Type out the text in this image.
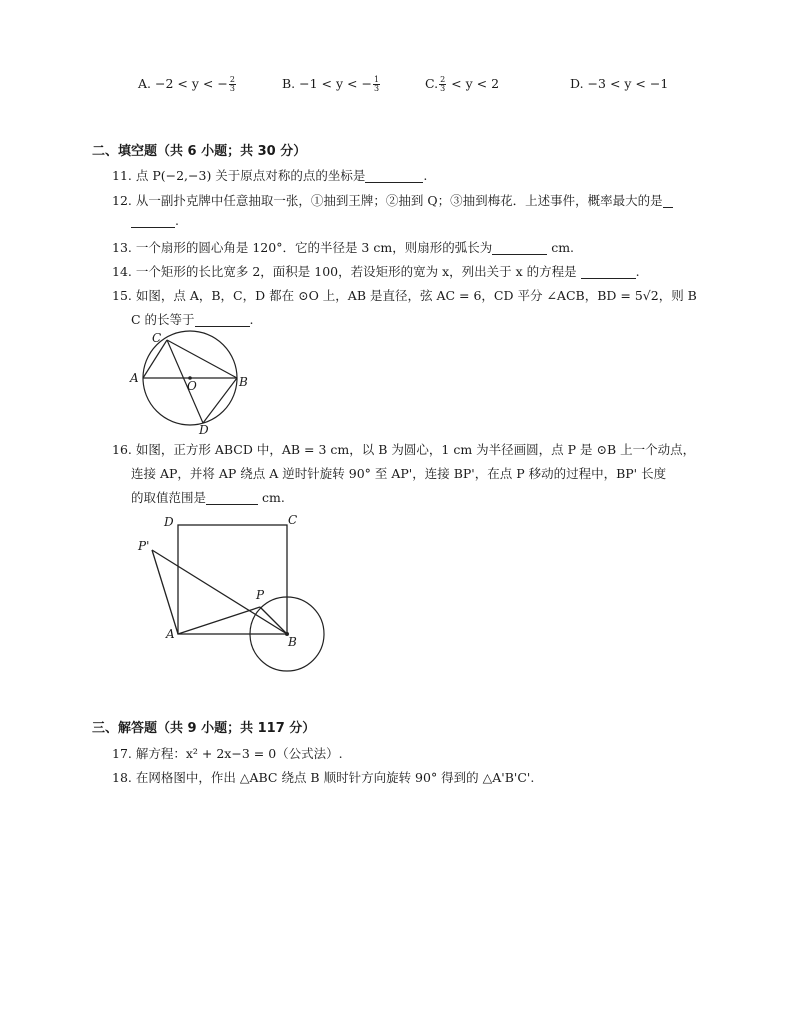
A. −2 < y < − $\frac{2}{3}$	B. −1 < y < − $\frac{1}{3}$	C. $\frac{2}{3} < y < 2$	D. −3 < y < −1
二、填空题（共 6 小题；共 30 分）
11. 点 P(−2,−3) 关于原点对称的点的坐标是	.
12. 从一副扑克牌中任意抽取一张，①抽到王牌；②抽到 Q；③抽到梅花．上述事件，概率最大的是
.
13. 一个扇形的圆心角是 120°．它的半径是 3 cm，则扇形的弧长为	cm.
14. 一个矩形的长比宽多 2，面积是 100，若设矩形的宽为 x，列出关于 x 的方程是	.
15. 如图，点 A，B，C，D 都在 ⊙O 上，AB 是直径，弦 AC = 6，CD 平分 ∠ACB，BD = 5√2，则 B
C 的长等于	.
C
A	B
O
D
16. 如图，正方形 ABCD 中，AB = 3 cm，以 B 为圆心，1 cm 为半径画圆，点 P 是 ⊙B 上一个动点，
连接 AP，并将 AP 绕点 A 逆时针旋转 90° 至 AP'，连接 BP'，在点 P 移动的过程中，BP' 长度
的取值范围是	cm.
D	C
P'
P
A
B
三、解答题（共 9 小题；共 117 分）
17. 解方程：x² + 2x−3 = 0（公式法）.
18. 在网格图中，作出 △ABC 绕点 B 顺时针方向旋转 90° 得到的 △A'B'C'.
